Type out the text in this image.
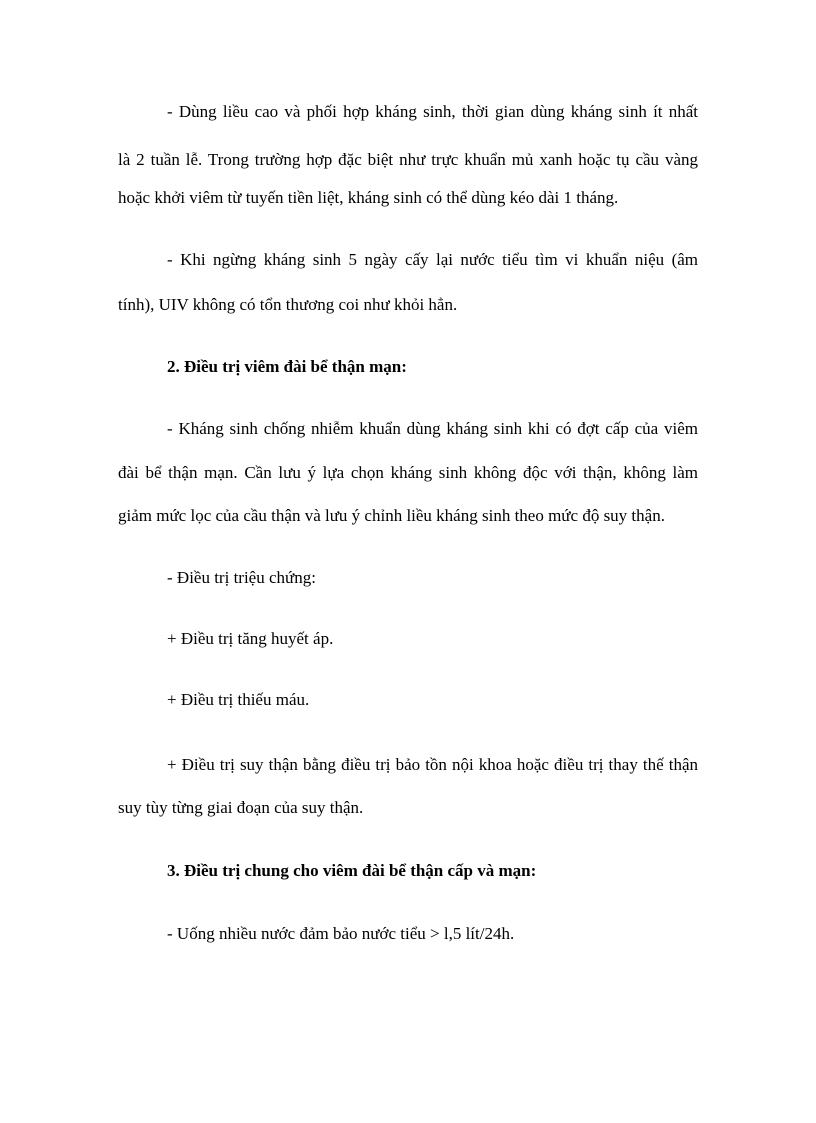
- Dùng liều cao và phối hợp kháng sinh, thời gian dùng kháng sinh ít nhất
là 2 tuần lễ. Trong trường hợp đặc biệt như trực khuẩn mủ xanh hoặc tụ cầu vàng
hoặc khởi viêm từ tuyến tiền liệt, kháng sinh có thể dùng kéo dài 1 tháng.
- Khi ngừng kháng sinh 5 ngày cấy lại nước tiểu tìm vi khuẩn niệu (âm
tính), UIV không có tổn thương coi như khỏi hẳn.
2. Điều trị viêm đài bể thận mạn:
- Kháng sinh chống nhiễm khuẩn dùng kháng sinh khi có đợt cấp của viêm
đài bể thận mạn. Cần lưu ý lựa chọn kháng sinh không độc với thận, không làm
giảm mức lọc của cầu thận và lưu ý chỉnh liều kháng sinh theo mức độ suy thận.
- Điều trị triệu chứng:
+ Điều trị tăng huyết áp.
+ Điều trị thiếu máu.
+ Điều trị suy thận bằng điều trị bảo tồn nội khoa hoặc điều trị thay thế thận
suy tùy từng giai đoạn của suy thận.
3. Điều trị chung cho viêm đài bể thận cấp và mạn:
- Uống nhiều nước đảm bảo nước tiểu > l,5 lít/24h.
